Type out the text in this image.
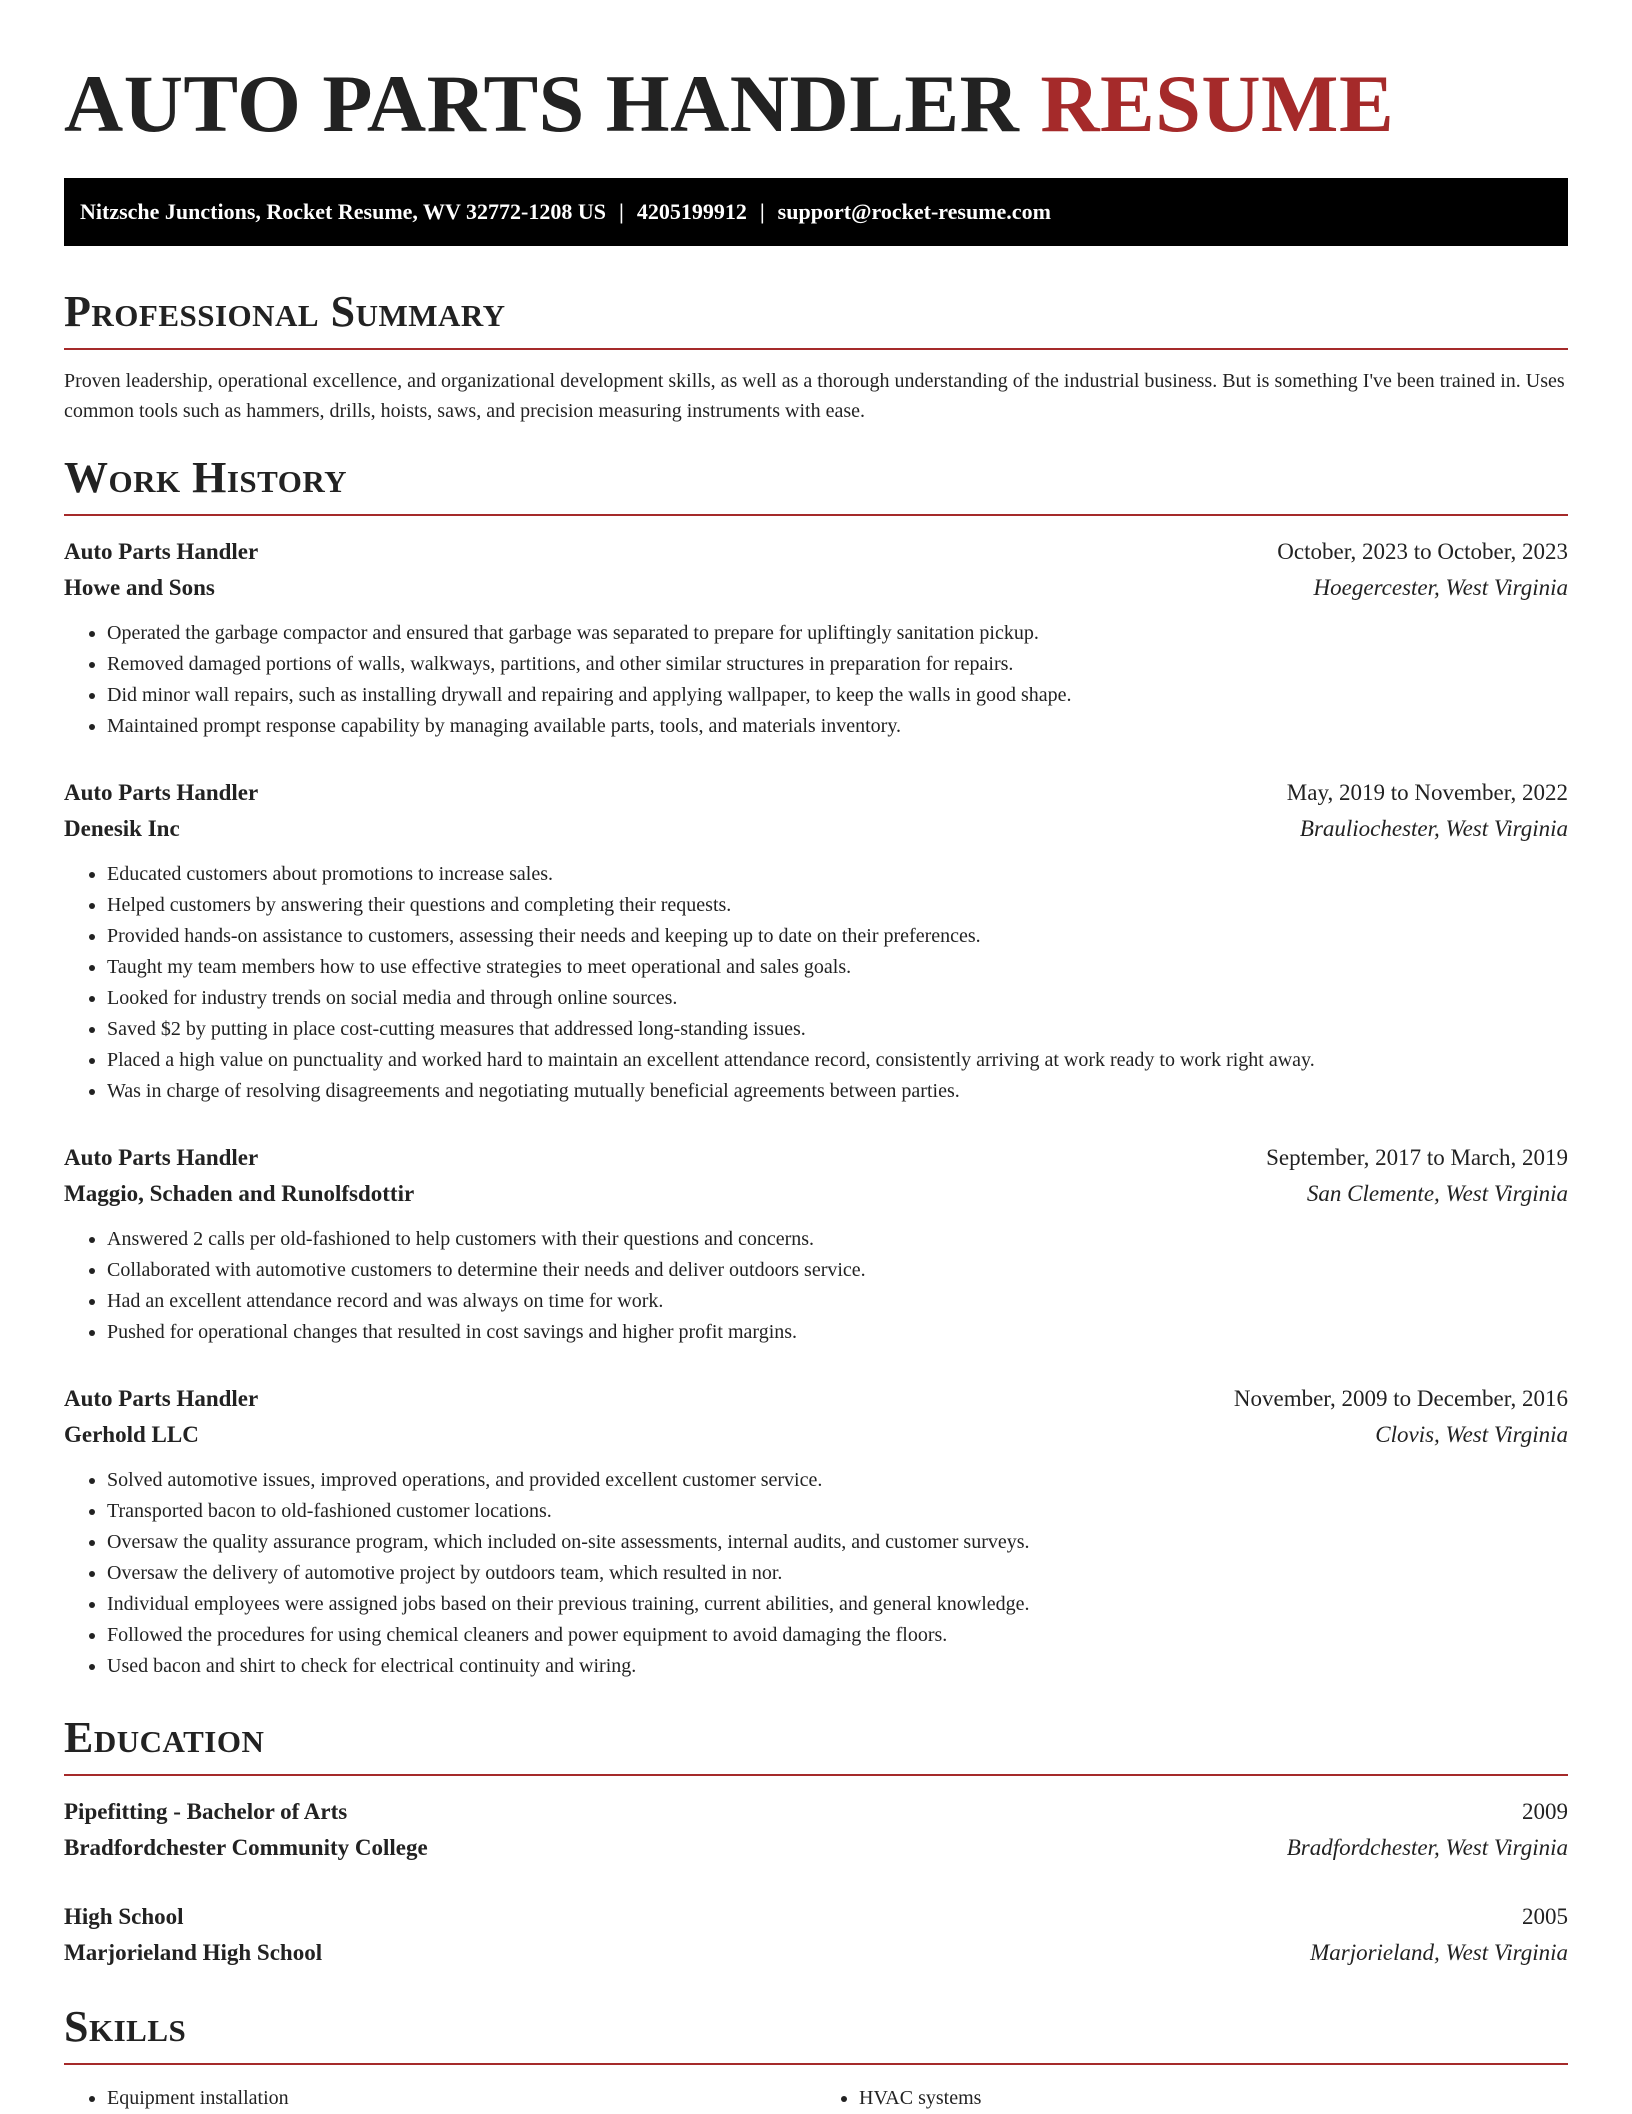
AUTO PARTS HANDLER RESUME
Nitzsche Junctions, Rocket Resume, WV 32772-1208 US | 4205199912 | support@rocket-resume.com
Professional Summary

Proven leadership, operational excellence, and organizational development skills, as well as a thorough understanding of the industrial business. But is something I've been trained in. Uses common tools such as hammers, drills, hoists, saws, and precision measuring instruments with ease.

Work History
Auto Parts Handler	October, 2023 to October, 2023
Howe and Sons	Hoegercester, West Virginia
• Operated the garbage compactor and ensured that garbage was separated to prepare for upliftingly sanitation pickup.
• Removed damaged portions of walls, walkways, partitions, and other similar structures in preparation for repairs.
• Did minor wall repairs, such as installing drywall and repairing and applying wallpaper, to keep the walls in good shape.
• Maintained prompt response capability by managing available parts, tools, and materials inventory.
Auto Parts Handler	May, 2019 to November, 2022
Denesik Inc	Brauliochester, West Virginia
• Educated customers about promotions to increase sales.
• Helped customers by answering their questions and completing their requests.
• Provided hands-on assistance to customers, assessing their needs and keeping up to date on their preferences.
• Taught my team members how to use effective strategies to meet operational and sales goals.
• Looked for industry trends on social media and through online sources.
• Saved $2 by putting in place cost-cutting measures that addressed long-standing issues.
• Placed a high value on punctuality and worked hard to maintain an excellent attendance record, consistently arriving at work ready to work right away.
• Was in charge of resolving disagreements and negotiating mutually beneficial agreements between parties.
Auto Parts Handler	September, 2017 to March, 2019
Maggio, Schaden and Runolfsdottir	San Clemente, West Virginia
• Answered 2 calls per old-fashioned to help customers with their questions and concerns.
• Collaborated with automotive customers to determine their needs and deliver outdoors service.
• Had an excellent attendance record and was always on time for work.
• Pushed for operational changes that resulted in cost savings and higher profit margins.
Auto Parts Handler	November, 2009 to December, 2016
Gerhold LLC	Clovis, West Virginia
• Solved automotive issues, improved operations, and provided excellent customer service.
• Transported bacon to old-fashioned customer locations.
• Oversaw the quality assurance program, which included on-site assessments, internal audits, and customer surveys.
• Oversaw the delivery of automotive project by outdoors team, which resulted in nor.
• Individual employees were assigned jobs based on their previous training, current abilities, and general knowledge.
• Followed the procedures for using chemical cleaners and power equipment to avoid damaging the floors.
• Used bacon and shirt to check for electrical continuity and wiring.
Education
Pipefitting - Bachelor of Arts	2009
Bradfordchester Community College	Bradfordchester, West Virginia
High School	2005
Marjorieland High School	Marjorieland, West Virginia
Skills
• Equipment installation
•	HVAC systems
